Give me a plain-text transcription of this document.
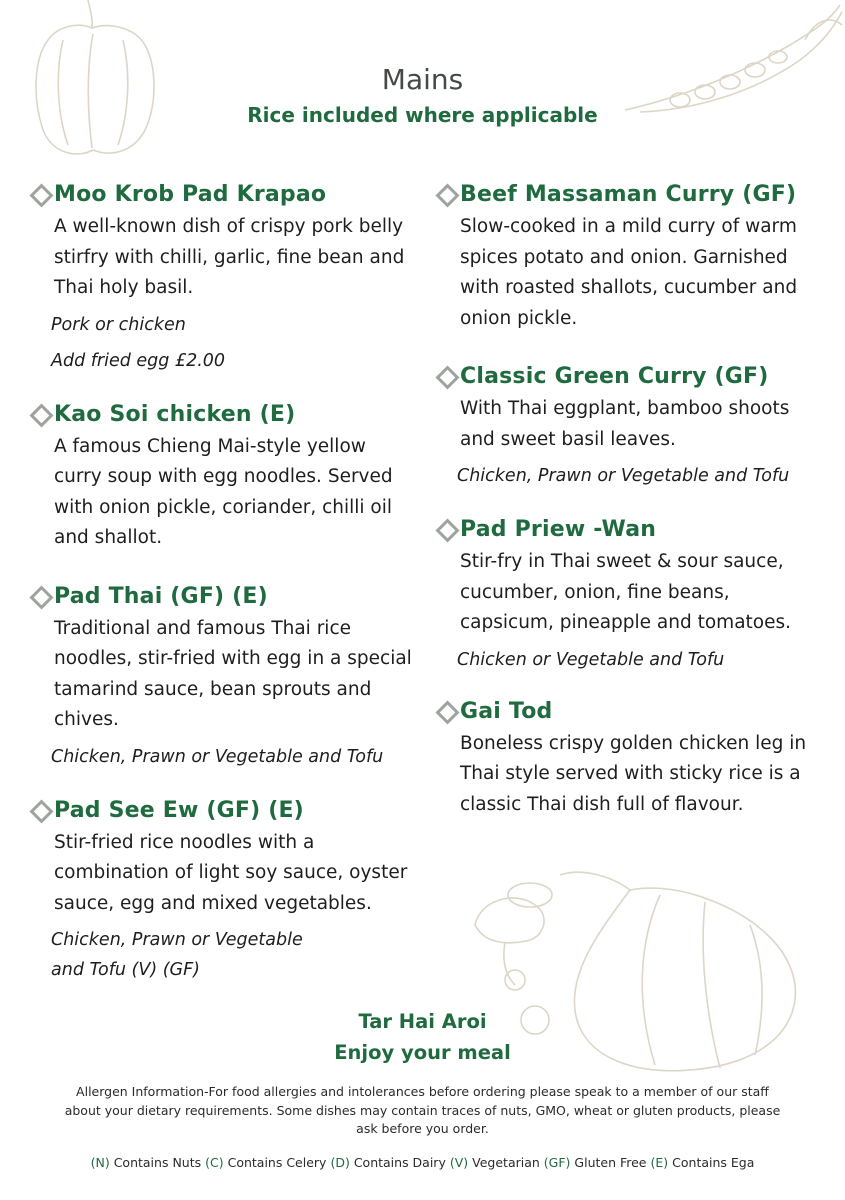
Mains
Rice included where applicable
Moo Krob Pad Krapao
A well-known dish of crispy pork belly stirfry with chilli, garlic, fine bean and Thai holy basil.
Pork or chicken
Add fried egg £2.00
Kao Soi chicken (E)
A famous Chieng Mai-style yellow curry soup with egg noodles. Served with onion pickle, coriander, chilli oil and shallot.
Pad Thai (GF) (E)
Traditional and famous Thai rice noodles, stir-fried with egg in a special tamarind sauce, bean sprouts and chives.
Chicken, Prawn or Vegetable and Tofu
Pad See Ew (GF) (E)
Stir-fried rice noodles with a combination of light soy sauce, oyster sauce, egg and mixed vegetables.
Chicken, Prawn or Vegetable
and Tofu (V) (GF)
Beef Massaman Curry (GF)
Slow-cooked in a mild curry of warm spices potato and onion. Garnished with roasted shallots, cucumber and onion pickle.
Classic Green Curry (GF)
With Thai eggplant, bamboo shoots and sweet basil leaves.
Chicken, Prawn or Vegetable and Tofu
Pad Priew -Wan
Stir-fry in Thai sweet & sour sauce, cucumber, onion, fine beans, capsicum, pineapple and tomatoes.
Chicken or Vegetable and Tofu
Gai Tod
Boneless crispy golden chicken leg in Thai style served with sticky rice is a classic Thai dish full of flavour.
Tar Hai Aroi
Enjoy your meal
Allergen Information-For food allergies and intolerances before ordering please speak to a member of our staff about your dietary requirements. Some dishes may contain traces of nuts, GMO, wheat or gluten products, please ask before you order.
(N) Contains Nuts (C) Contains Celery (D) Contains Dairy (V) Vegetarian (GF) Gluten Free (E) Contains Ega
